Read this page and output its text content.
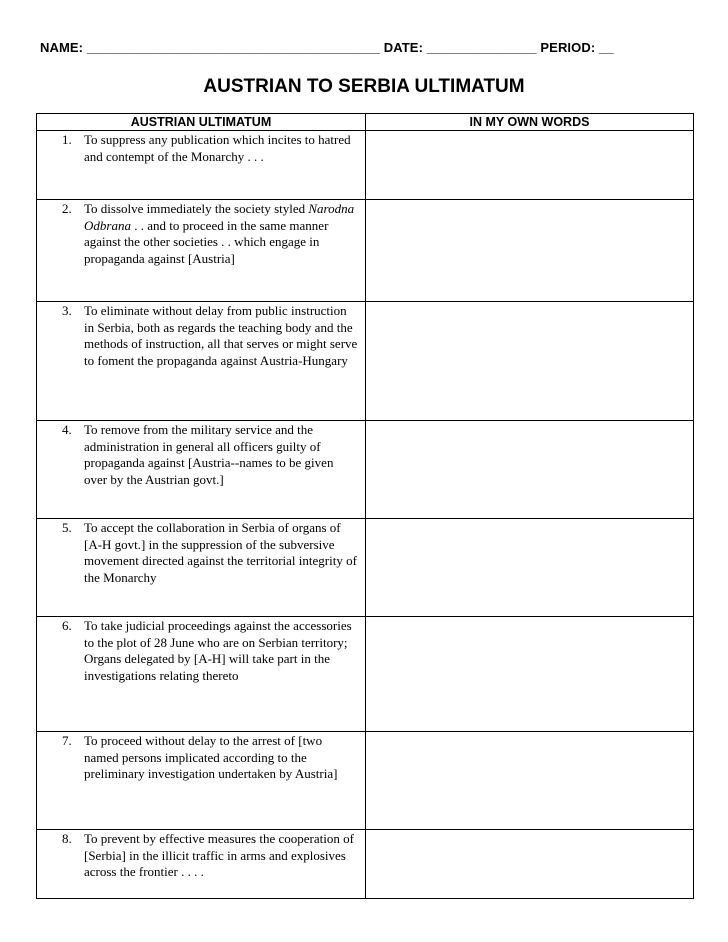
NAME: ________________________________________ DATE: _______________ PERIOD: __
AUSTRIAN TO SERBIA ULTIMATUM
AUSTRIAN ULTIMATUM	IN MY OWN WORDS

1. To suppress any publication which incites to hatred and contempt of the Monarchy . . .	

2. To dissolve immediately the society styled Narodna Odbrana . . and to proceed in the same manner against the other societies . . which engage in propaganda against [Austria]	

3. To eliminate without delay from public instruction in Serbia, both as regards the teaching body and the methods of instruction, all that serves or might serve to foment the propaganda against Austria-Hungary	

4. To remove from the military service and the administration in general all officers guilty of propaganda against [Austria--names to be given over by the Austrian govt.]	

5. To accept the collaboration in Serbia of organs of [A-H govt.] in the suppression of the subversive movement directed against the territorial integrity of the Monarchy	

6. To take judicial proceedings against the accessories to the plot of 28 June who are on Serbian territory; Organs delegated by [A-H] will take part in the investigations relating thereto	

7. To proceed without delay to the arrest of [two named persons implicated according to the preliminary investigation undertaken by Austria]	

8. To prevent by effective measures the cooperation of [Serbia] in the illicit traffic in arms and explosives across the frontier . . . .	
